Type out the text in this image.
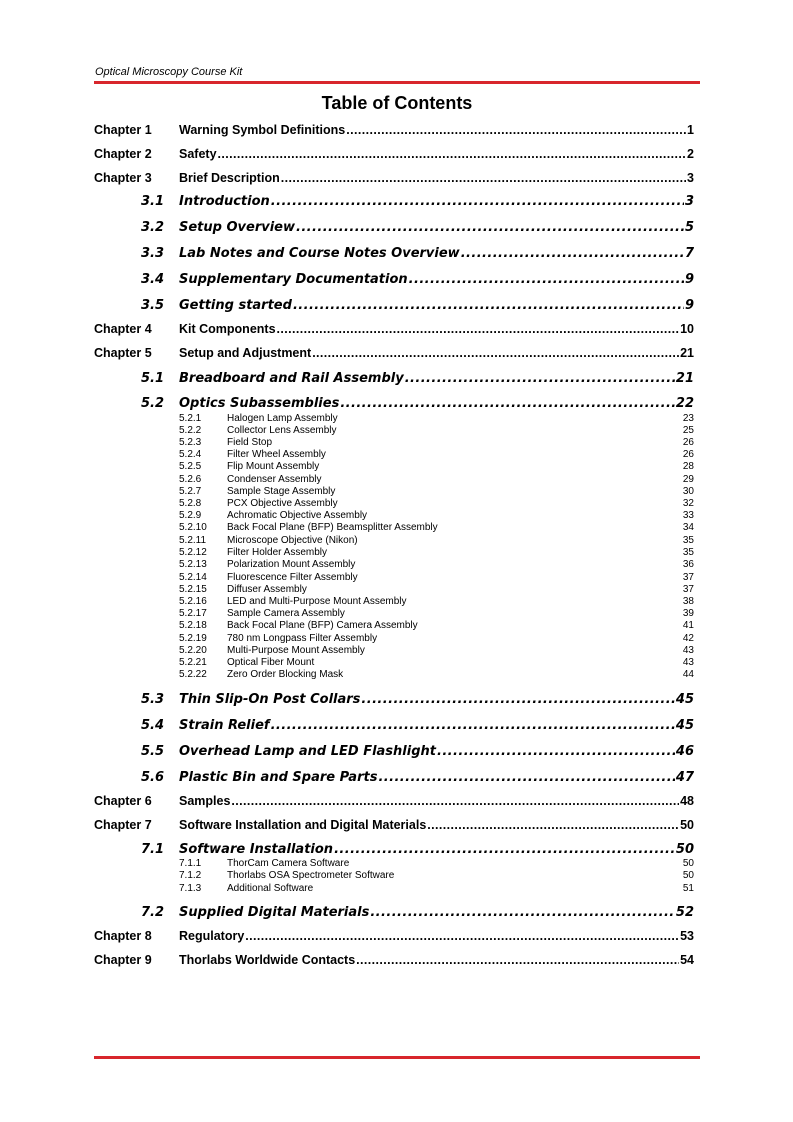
Optical Microscopy Course Kit
Table of Contents
Chapter 1	Warning Symbol Definitions .....	1
Chapter 2	Safety .....	2
Chapter 3	Brief Description .....	3
3.1	Introduction .....	3
3.2	Setup Overview .....	5
3.3	Lab Notes and Course Notes Overview .....	7
3.4	Supplementary Documentation .....	9
3.5	Getting started .....	9
Chapter 4	Kit Components .....	10
Chapter 5	Setup and Adjustment .....	21
5.1	Breadboard and Rail Assembly .....	21
5.2	Optics Subassemblies .....	22
5.2.1	Halogen Lamp Assembly	23
5.2.2	Collector Lens Assembly	25
5.2.3	Field Stop	26
5.2.4	Filter Wheel Assembly	26
5.2.5	Flip Mount Assembly	28
5.2.6	Condenser Assembly	29
5.2.7	Sample Stage Assembly	30
5.2.8	PCX Objective Assembly	32
5.2.9	Achromatic Objective Assembly	33
5.2.10	Back Focal Plane (BFP) Beamsplitter Assembly	34
5.2.11	Microscope Objective (Nikon)	35
5.2.12	Filter Holder Assembly	35
5.2.13	Polarization Mount Assembly	36
5.2.14	Fluorescence Filter Assembly	37
5.2.15	Diffuser Assembly	37
5.2.16	LED and Multi-Purpose Mount Assembly	38
5.2.17	Sample Camera Assembly	39
5.2.18	Back Focal Plane (BFP) Camera Assembly	41
5.2.19	780 nm Longpass Filter Assembly	42
5.2.20	Multi-Purpose Mount Assembly	43
5.2.21	Optical Fiber Mount	43
5.2.22	Zero Order Blocking Mask	44
5.3	Thin Slip-On Post Collars .....	45
5.4	Strain Relief .....	45
5.5	Overhead Lamp and LED Flashlight .....	46
5.6	Plastic Bin and Spare Parts .....	47
Chapter 6	Samples .....	48
Chapter 7	Software Installation and Digital Materials .....	50
7.1	Software Installation .....	50
7.1.1	ThorCam Camera Software	50
7.1.2	Thorlabs OSA Spectrometer Software	50
7.1.3	Additional Software	51
7.2	Supplied Digital Materials .....	52
Chapter 8	Regulatory .....	53
Chapter 9	Thorlabs Worldwide Contacts .....	54
